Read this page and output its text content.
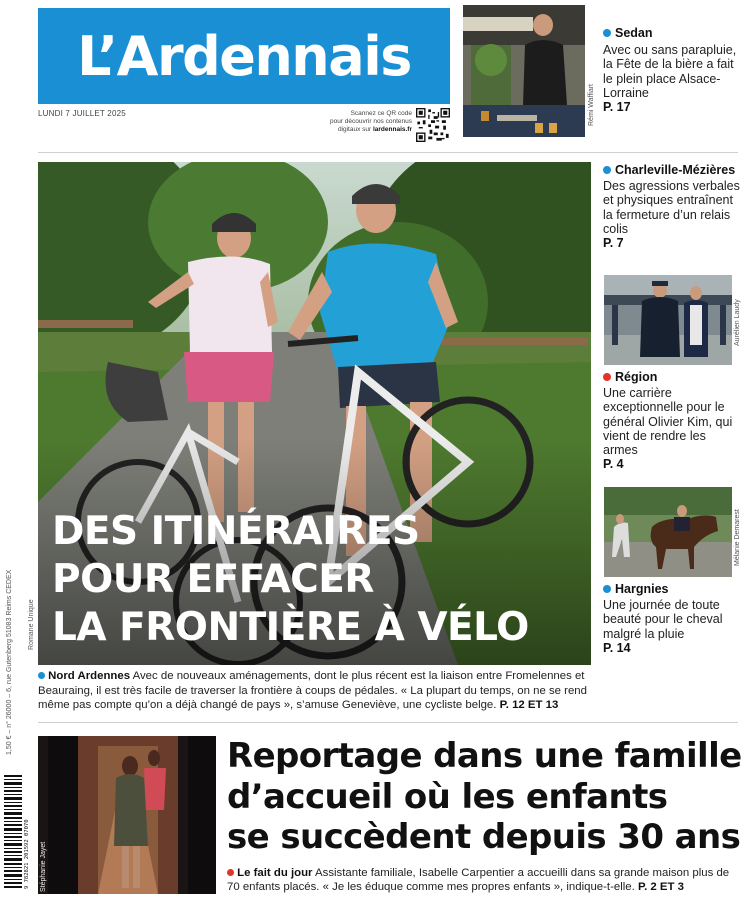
L’Ardennais
LUNDI 7 JUILLET 2025	Scannez ce QR code
pour découvrir nos contenus
digitaux sur lardennais.fr
Rémi Waffiart
Sedan
Avec ou sans parapluie, la Fête de la bière a fait le plein place Alsace-Lorraine
P. 17
Charleville-Mézières
Des agressions verbales et physiques entraînent la fermeture d’un relais colis
P. 7
Aurélien Laudy
Région
Une carrière exceptionnelle pour le général Olivier Kim, qui vient de rendre les armes
P. 4
Mélanie Demarest
Hargnies
Une journée de toute beauté pour le cheval malgré la pluie
P. 14
Romane Unique
DES ITINÉRAIRES
POUR EFFACER
LA FRONTIÈRE À VÉLO
Nord Ardennes Avec de nouveaux aménagements, dont le plus récent est la liaison entre Fromelennes et Beauraing, il est très facile de traverser la frontière à coups de pédales. « La plupart du temps, on ne se rend même pas compte qu’on a déjà changé de pays », s’amuse Geneviève, une cycliste belge. P. 12 ET 13
Stéphanie Jayet
Reportage dans une famille
d’accueil où les enfants
se succèdent depuis 30 ans
Le fait du jour Assistante familiale, Isabelle Carpentier a accueilli dans sa grande maison plus de 70 enfants placés. « Je les éduque comme mes propres enfants », indique-t-elle. P. 2 ET 3
1,50 € – n° 26000 – 6, rue Gutenberg 51083 Reims CEDEX
9 782821 201592 07070
